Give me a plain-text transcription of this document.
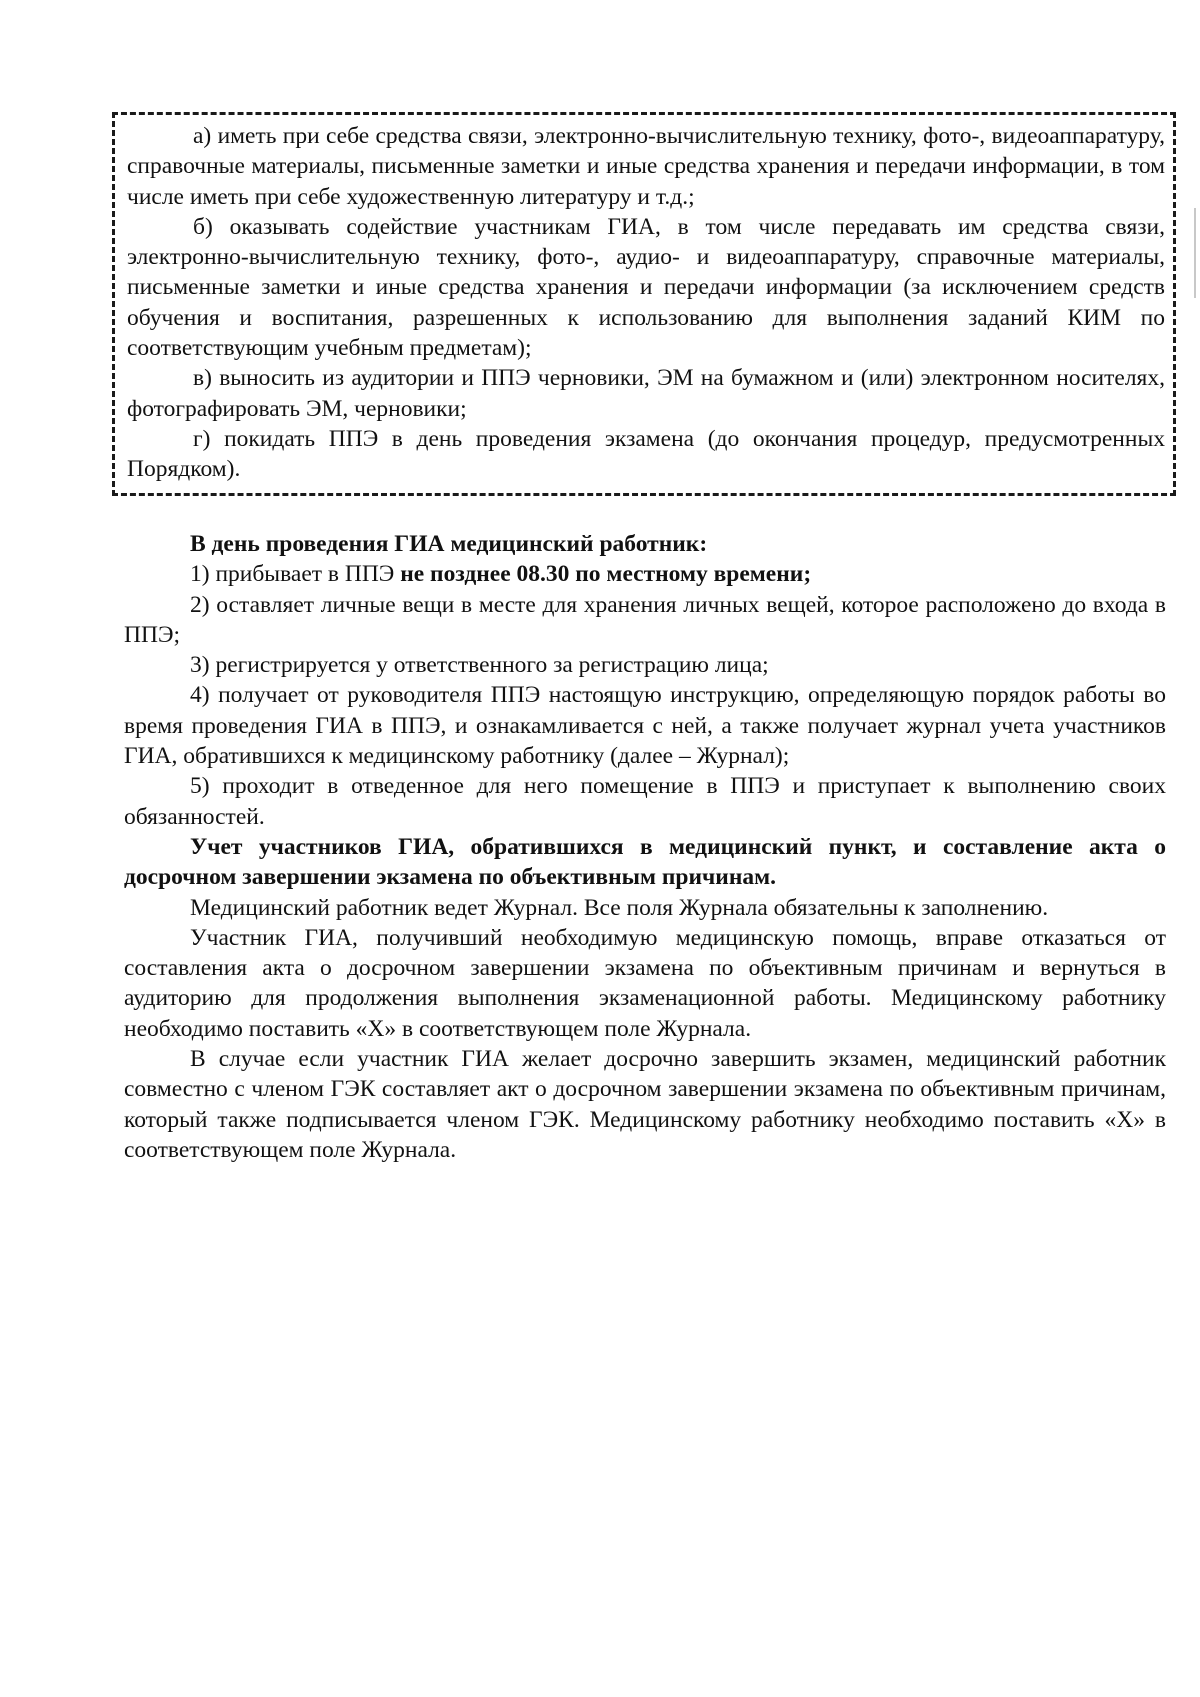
а) иметь при себе средства связи, электронно-вычислительную технику, фото-, видеоаппаратуру, справочные материалы, письменные заметки и иные средства хранения и передачи информации, в том числе иметь при себе художественную литературу и т.д.;

б) оказывать содействие участникам ГИА, в том числе передавать им средства связи, электронно-вычислительную технику, фото-, аудио- и видеоаппаратуру, справочные материалы, письменные заметки и иные средства хранения и передачи информации (за исключением средств обучения и воспитания, разрешенных к использованию для выполнения заданий КИМ по соответствующим учебным предметам);

в) выносить из аудитории и ППЭ черновики, ЭМ на бумажном и (или) электронном носителях, фотографировать ЭМ, черновики;

г) покидать ППЭ в день проведения экзамена (до окончания процедур, предусмотренных Порядком).

В день проведения ГИА медицинский работник:

1) прибывает в ППЭ не позднее 08.30 по местному времени;

2) оставляет личные вещи в месте для хранения личных вещей, которое расположено до входа в ППЭ;

3) регистрируется у ответственного за регистрацию лица;

4) получает от руководителя ППЭ настоящую инструкцию, определяющую порядок работы во время проведения ГИА в ППЭ, и ознакамливается с ней, а также получает журнал учета участников ГИА, обратившихся к медицинскому работнику (далее – Журнал);

5) проходит в отведенное для него помещение в ППЭ и приступает к выполнению своих обязанностей.

Учет участников ГИА, обратившихся в медицинский пункт, и составление акта о досрочном завершении экзамена по объективным причинам.

Медицинский работник ведет Журнал. Все поля Журнала обязательны к заполнению.

Участник ГИА, получивший необходимую медицинскую помощь, вправе отказаться от составления акта о досрочном завершении экзамена по объективным причинам и вернуться в аудиторию для продолжения выполнения экзаменационной работы. Медицинскому работнику необходимо поставить «Х» в соответствующем поле Журнала.

В случае если участник ГИА желает досрочно завершить экзамен, медицинский работник совместно с членом ГЭК составляет акт о досрочном завершении экзамена по объективным причинам, который также подписывается членом ГЭК. Медицинскому работнику необходимо поставить «Х» в соответствующем поле Журнала.
